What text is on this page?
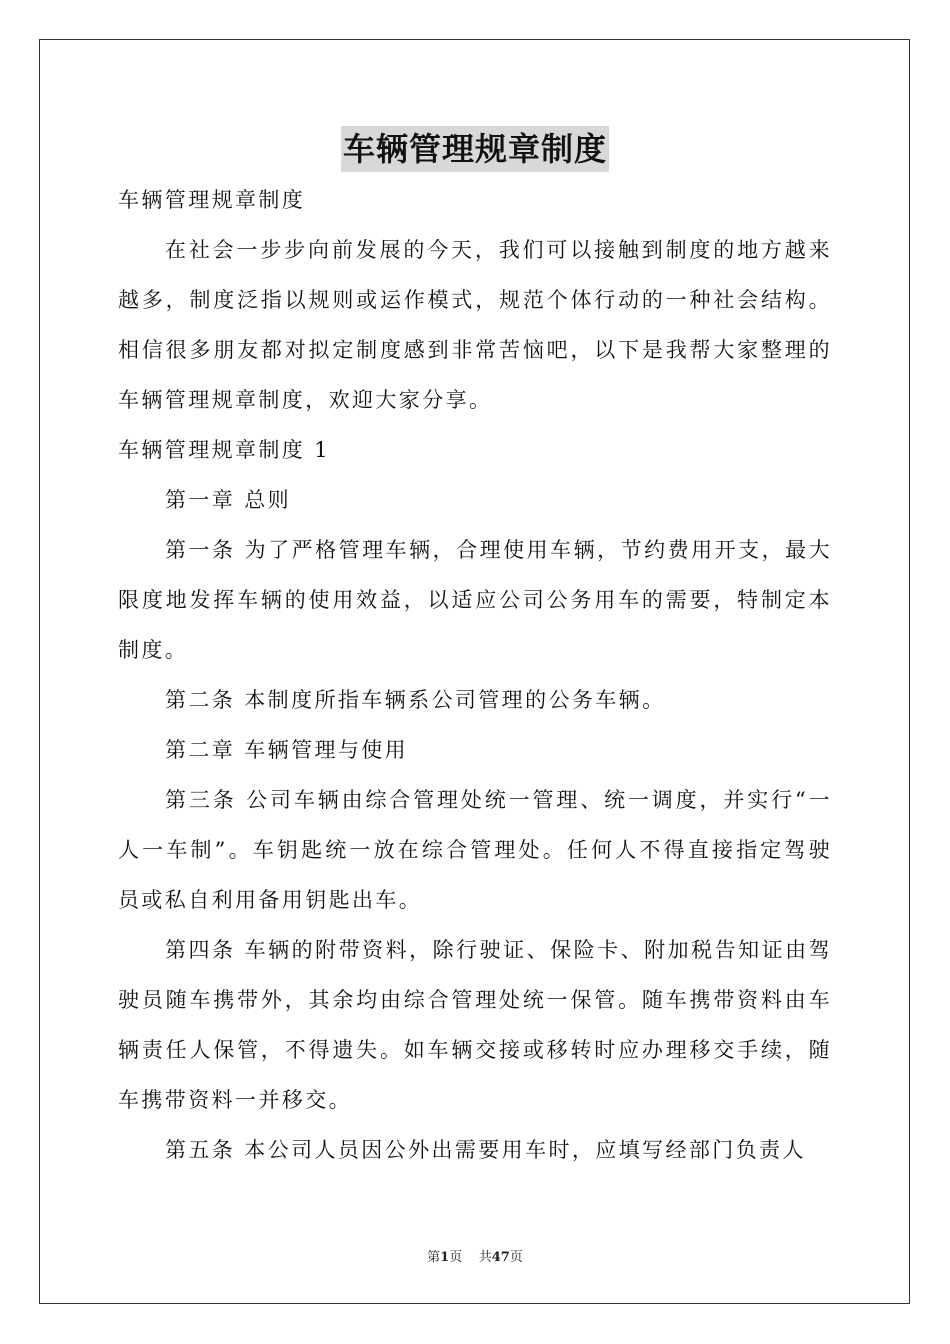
车辆管理规章制度

车辆管理规章制度

在社会一步步向前发展的今天，我们可以接触到制度的地方越来越多，制度泛指以规则或运作模式，规范个体行动的一种社会结构。相信很多朋友都对拟定制度感到非常苦恼吧，以下是我帮大家整理的车辆管理规章制度，欢迎大家分享。

车辆管理规章制度 1

第一章 总则

第一条 为了严格管理车辆，合理使用车辆，节约费用开支，最大限度地发挥车辆的使用效益，以适应公司公务用车的需要，特制定本制度。

第二条 本制度所指车辆系公司管理的公务车辆。

第二章 车辆管理与使用

第三条 公司车辆由综合管理处统一管理、统一调度，并实行“一人一车制”。车钥匙统一放在综合管理处。任何人不得直接指定驾驶员或私自利用备用钥匙出车。

第四条 车辆的附带资料，除行驶证、保险卡、附加税告知证由驾驶员随车携带外，其余均由综合管理处统一保管。随车携带资料由车辆责任人保管，不得遗失。如车辆交接或移转时应办理移交手续，随车携带资料一并移交。

第五条 本公司人员因公外出需要用车时，应填写经部门负责人

第1页 共47页
